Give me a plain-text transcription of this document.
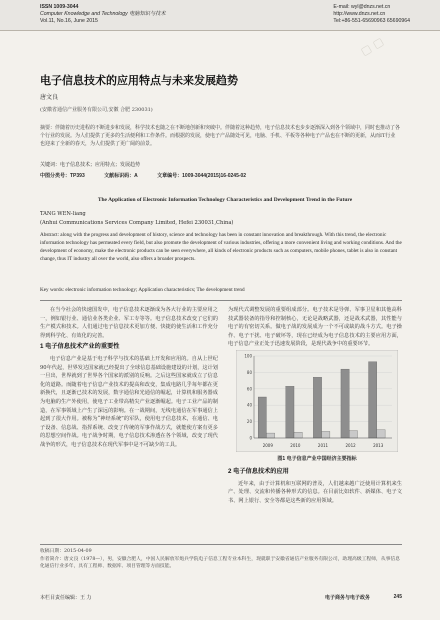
ISSN 1009-3044
Computer Knowledge and Technology 电脑知识与技术
Vol.11, No.16, June 2015
E-mail: wyl@dnzs.net.cn
http://www.dnzs.net.cn
Tel:+86-551-65690963 65690964
▢ ▢
电子信息技术的应用特点与未来发展趋势
唐文良
(安徽省通信产业服务有限公司,安徽 合肥 230031)
摘要：伴随着历史进程的不断进步和发展，科学技术也随之在不断地创新和突破中。伴随着这种趋势，电子信息技术也步步逐渐深入到各个领域中，同时也推动了各个行业的发展。为人们提供了更多的生活便利和工作条件。而根据的发展，使电子产品随处可见，电脑、手机、平板等各种电子产品也在不断的更新，从而IT行业也迎来了全新的春天，为人们提供了更广阔的前景。
关键词：电子信息技术；应用特点；发展趋势
中图分类号：TP393	文献标识码：A	文章编号：1009-3044(2015)16-0245-02
The Application of Electronic Information Technology Characteristics and Development Trend in the Future
TANG WEN-liang
(Anhui Communications Services Company Limited, Hefei 230031,China)
Abstract: along with the progress and development of history, science and technology has been in constant innovation and breakthrough. With this trend, the electronic information technology has permeated every field, but also promote the development of various industries, offering a more convenient living and working conditions. And the development of economy, make the electronic products can be seen everywhere, all kinds of electronic products such as computers, mobile phones, tablet is also in constant change, thus IT industry all over the world, also offers a broader prospects.
Key words: electronic information technology; Application characteristics; The development trend
在当今社会的快速国发中，电子信息技术逐渐成为各大行业的主要应用之一，例如银行业、通信业各类企业、军工专等等。电子信息技术改变了它们的生产模式和技术。人们通过电子信息技术更加方便、快捷的使生活和工作充分得到科学化、有效化的完善。
1 电子信息技术产业的重要性
电子信息产业是基于电子科学与技术的基础上开发和应用的。自从上世纪90年代起，世界发达国家就已经提出了全球信息基础设施建设的计划，这计划一旦出，世界就到了世界各个国家的派别的反响。之后这些国家就成立了信息化的道路。而随着电子信息产业技术的提高和改变，集成电路几乎每年都在更新换代，且逐渐已技术的发展，数字通信和光通信的崛起，计算机和服务器成为电脑的生产外使用，使电子工业带高精尖产业逐渐崛起。电子工业产品的制造，在军事领域上产生了深远的影响。在一战期间，无线电通信在军事通信上起到了很大作用。被称为“神经系统”的军队，使用电子信息技术，在通信、电子设备、信息战、指挥系统、改变了传统的军事作战方式，就能使方案有更多的思想空间作战。电子战争时期，电子信息技术渗透在各个领域，改变了现代战争的形式，电子信息技术在现代军事中是不可缺少的工具。
为现代式调整发展的重要组成部分。电子技术是导弹、军事卫星和其他高科技武器装备的指导和控制核心，无论是战略武器，还是战术武器，其性能与电子的有密切关系。做电子战的发展成为一个不可或缺的战斗方式。电子操作、电子干扰、电子破坏等，现在已经成为电子信息技术的主要应用方面，电子信息产业正处于迅速发展阶段，是现代战争中的重要环节。
0
20
40
60
80
100
2009	2010	2011	2012	2013
图1 电子信息产业中国经济主要指标
2 电子信息技术的应用
近年来，由于计算机和互联网的普及，人们越来越广泛使用计算机来生产、处理、交流和传播各种形式的信息。在目前比如软件、新媒体、电子文书、网上银行、安全等都是这些新的应用领域。
收稿日期：2015-04-09
作者简介：唐文良（1978—），男，安徽合肥人，中国人民解放军炮兵学院电子信息工程专业本科生，现就职于安徽省通信产业服务有限公司，助理高级工程师，从事信息化通信行业多年，具有工程师、数据库、项目管理等方面技能。
本栏目责任编辑：王 力	电子商务与电子政务	245
